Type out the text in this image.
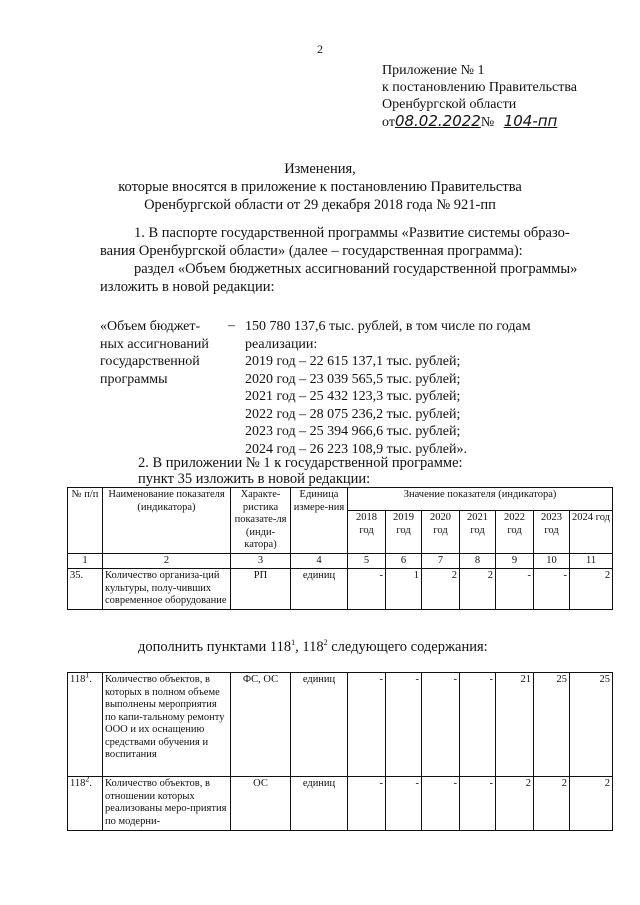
2
Приложение № 1
к постановлению Правительства
Оренбургской области
от08.02.2022№ 104-пп
Изменения,
которые вносятся в приложение к постановлению Правительства
Оренбургской области от 29 декабря 2018 года № 921-пп
1. В паспорте государственной программы «Развитие системы образо-
вания Оренбургской области» (далее – государственная программа):
раздел «Объем бюджетных ассигнований государственной программы»
изложить в новой редакции:
«Объем бюджет-
ных ассигнований
государственной
программы
– 150 780 137,6 тыс. рублей, в том числе по годам
реализации:
2019 год – 22 615 137,1 тыс. рублей;
2020 год – 23 039 565,5 тыс. рублей;
2021 год – 25 432 123,3 тыс. рублей;
2022 год – 28 075 236,2 тыс. рублей;
2023 год – 25 394 966,6 тыс. рублей;
2024 год – 26 223 108,9 тыс. рублей».
2. В приложении № 1 к государственной программе:
пункт 35 изложить в новой редакции:
№ п/п	Наименование показателя (индикатора)	Характе-ристика показате-ля (инди-катора)	Единица измере-ния	Значение показателя (индикатора)						
				2018 год	2019 год	2020 год	2021 год	2022 год	2023 год	2024 год
1	2	3	4	5	6	7	8	9	10	11
35.	Количество организа-ций культуры, полу-чивших современное оборудование	РП	единиц	-	1	2	2	-	-	2
дополнить пунктами $118^1$, $118^2$ следующего содержания:
$118^1$.	Количество объектов, в которых в полном объеме выполнены мероприятия по капи-тальному ремонту ООО и их оснащению средствами обучения и воспитания	ФС, ОС	единиц	-	-	-	-	21	25	25
$118^2$.	Количество объектов, в отношении которых реализованы меро-приятия по модерни-	ОС	единиц	-	-	-	-	2	2	2
